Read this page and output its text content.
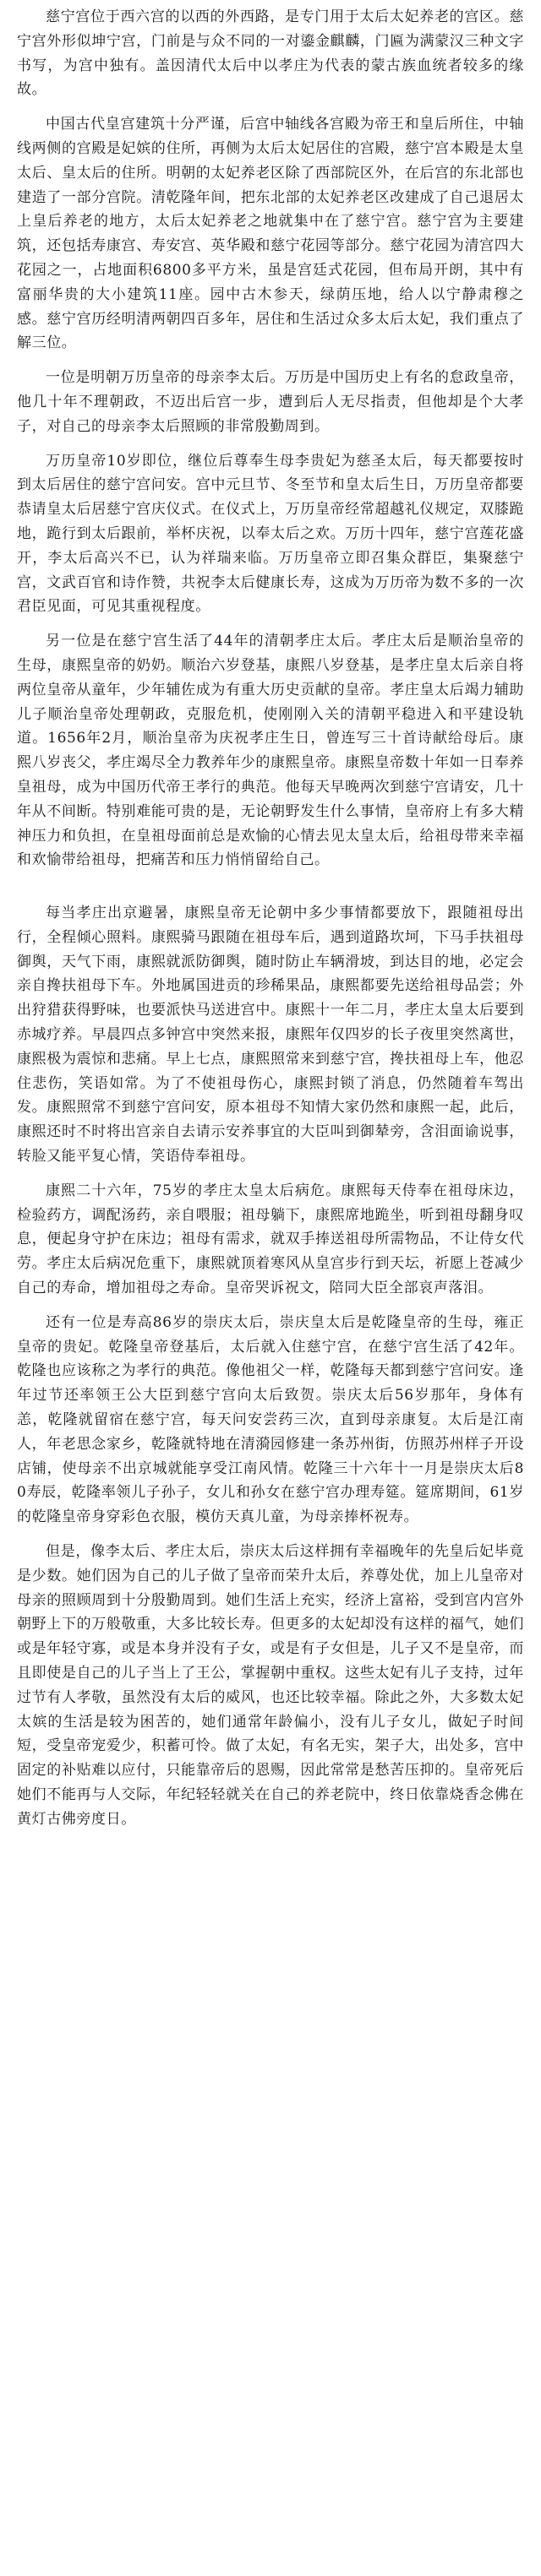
慈宁宫位于西六宫的以西的外西路，是专门用于太后太妃养老的宫区。慈宁宫外形似坤宁宫，门前是与众不同的一对鎏金麒麟，门匾为满蒙汉三种文字书写，为宫中独有。盖因清代太后中以孝庄为代表的蒙古族血统者较多的缘故。

中国古代皇宫建筑十分严谨，后宫中轴线各宫殿为帝王和皇后所住，中轴线两侧的宫殿是妃嫔的住所，再侧为太后太妃居住的宫殿，慈宁宫本殿是太皇太后、皇太后的住所。明朝的太妃养老区除了西部院区外，在后宫的东北部也建造了一部分宫院。清乾隆年间，把东北部的太妃养老区改建成了自己退居太上皇后养老的地方，太后太妃养老之地就集中在了慈宁宫。慈宁宫为主要建筑，还包括寿康宫、寿安宫、英华殿和慈宁花园等部分。慈宁花园为清宫四大花园之一，占地面积6800多平方米，虽是宫廷式花园，但布局开朗，其中有富丽华贵的大小建筑11座。园中古木参天，绿荫压地，给人以宁静肃穆之感。慈宁宫历经明清两朝四百多年，居住和生活过众多太后太妃，我们重点了解三位。

一位是明朝万历皇帝的母亲李太后。万历是中国历史上有名的怠政皇帝，他几十年不理朝政，不迈出后宫一步，遭到后人无尽指责，但他却是个大孝子，对自己的母亲李太后照顾的非常殷勤周到。

万历皇帝10岁即位，继位后尊奉生母李贵妃为慈圣太后，每天都要按时到太后居住的慈宁宫问安。宫中元旦节、冬至节和皇太后生日，万历皇帝都要恭请皇太后居慈宁宫庆仪式。在仪式上，万历皇帝经常超越礼仪规定，双膝跪地，跪行到太后跟前，举杯庆祝，以奉太后之欢。万历十四年，慈宁宫莲花盛开，李太后高兴不已，认为祥瑞来临。万历皇帝立即召集众群臣，集聚慈宁宫，文武百官和诗作赞，共祝李太后健康长寿，这成为万历帝为数不多的一次君臣见面，可见其重视程度。

另一位是在慈宁宫生活了44年的清朝孝庄太后。孝庄太后是顺治皇帝的生母，康熙皇帝的奶奶。顺治六岁登基，康熙八岁登基，是孝庄皇太后亲自将两位皇帝从童年，少年辅佐成为有重大历史贡献的皇帝。孝庄皇太后竭力辅助儿子顺治皇帝处理朝政，克服危机，使刚刚入关的清朝平稳进入和平建设轨道。1656年2月，顺治皇帝为庆祝孝庄生日，曾连写三十首诗献给母后。康熙八岁丧父，孝庄竭尽全力教养年少的康熙皇帝。康熙皇帝数十年如一日奉养皇祖母，成为中国历代帝王孝行的典范。他每天早晚两次到慈宁宫请安，几十年从不间断。特别难能可贵的是，无论朝野发生什么事情，皇帝府上有多大精神压力和负担，在皇祖母面前总是欢愉的心情去见太皇太后，给祖母带来幸福和欢愉带给祖母，把痛苦和压力悄悄留给自己。

每当孝庄出京避暑，康熙皇帝无论朝中多少事情都要放下，跟随祖母出行，全程倾心照料。康熙骑马跟随在祖母车后，遇到道路坎坷，下马手扶祖母御舆，天气下雨，康熙就派防御舆，随时防止车辆滑坡，到达目的地，必定会亲自搀扶祖母下车。外地属国进贡的珍稀果品，康熙都要先送给祖母品尝；外出狩猎获得野味，也要派快马送进宫中。康熙十一年二月，孝庄太皇太后要到赤城疗养。早晨四点多钟宫中突然来报，康熙年仅四岁的长子夜里突然离世，康熙极为震惊和悲痛。早上七点，康熙照常来到慈宁宫，搀扶祖母上车，他忍住悲伤，笑语如常。为了不使祖母伤心，康熙封锁了消息，仍然随着车驾出发。康熙照常不到慈宁宫问安，原本祖母不知情大家仍然和康熙一起，此后，康熙还时不时将出宫亲自去请示安养事宜的大臣叫到御辇旁，含泪面谕说事，转脸又能平复心情，笑语侍奉祖母。

康熙二十六年，75岁的孝庄太皇太后病危。康熙每天侍奉在祖母床边，检验药方，调配汤药，亲自喂服；祖母躺下，康熙席地跪坐，听到祖母翻身叹息，便起身守护在床边；祖母有需求，就双手捧送祖母所需物品，不让侍女代劳。孝庄太后病况危重下，康熙就顶着寒风从皇宫步行到天坛，祈愿上苍减少自己的寿命，增加祖母之寿命。皇帝哭诉祝文，陪同大臣全部哀声落泪。

还有一位是寿高86岁的崇庆太后，崇庆皇太后是乾隆皇帝的生母，雍正皇帝的贵妃。乾隆皇帝登基后，太后就入住慈宁宫，在慈宁宫生活了42年。乾隆也应该称之为孝行的典范。像他祖父一样，乾隆每天都到慈宁宫问安。逢年过节还率领王公大臣到慈宁宫向太后致贺。崇庆太后56岁那年，身体有恙，乾隆就留宿在慈宁宫，每天问安尝药三次，直到母亲康复。太后是江南人，年老思念家乡，乾隆就特地在清漪园修建一条苏州街，仿照苏州样子开设店铺，使母亲不出京城就能享受江南风情。乾隆三十六年十一月是崇庆太后80寿辰，乾隆率领儿子孙子，女儿和孙女在慈宁宫办理寿筵。筵席期间，61岁的乾隆皇帝身穿彩色衣服，模仿天真儿童，为母亲捧杯祝寿。

但是，像李太后、孝庄太后，崇庆太后这样拥有幸福晚年的先皇后妃毕竟是少数。她们因为自己的儿子做了皇帝而荣升太后，养尊处优，加上儿皇帝对母亲的照顾周到十分殷勤周到。她们生活上充实，经济上富裕，受到宫内宫外朝野上下的万般敬重，大多比较长寿。但更多的太妃却没有这样的福气，她们或是年轻守寡，或是本身并没有子女，或是有子女但是，儿子又不是皇帝，而且即使是自己的儿子当上了王公，掌握朝中重权。这些太妃有儿子支持，过年过节有人孝敬，虽然没有太后的威风，也还比较幸福。除此之外，大多数太妃太嫔的生活是较为困苦的，她们通常年龄偏小，没有儿子女儿，做妃子时间短，受皇帝宠爱少，积蓄可怜。做了太妃，有名无实，架子大，出处多，宫中固定的补贴难以应付，只能靠帝后的恩赐，因此常常是愁苦压抑的。皇帝死后她们不能再与人交际，年纪轻轻就关在自己的养老院中，终日依靠烧香念佛在黄灯古佛旁度日。
